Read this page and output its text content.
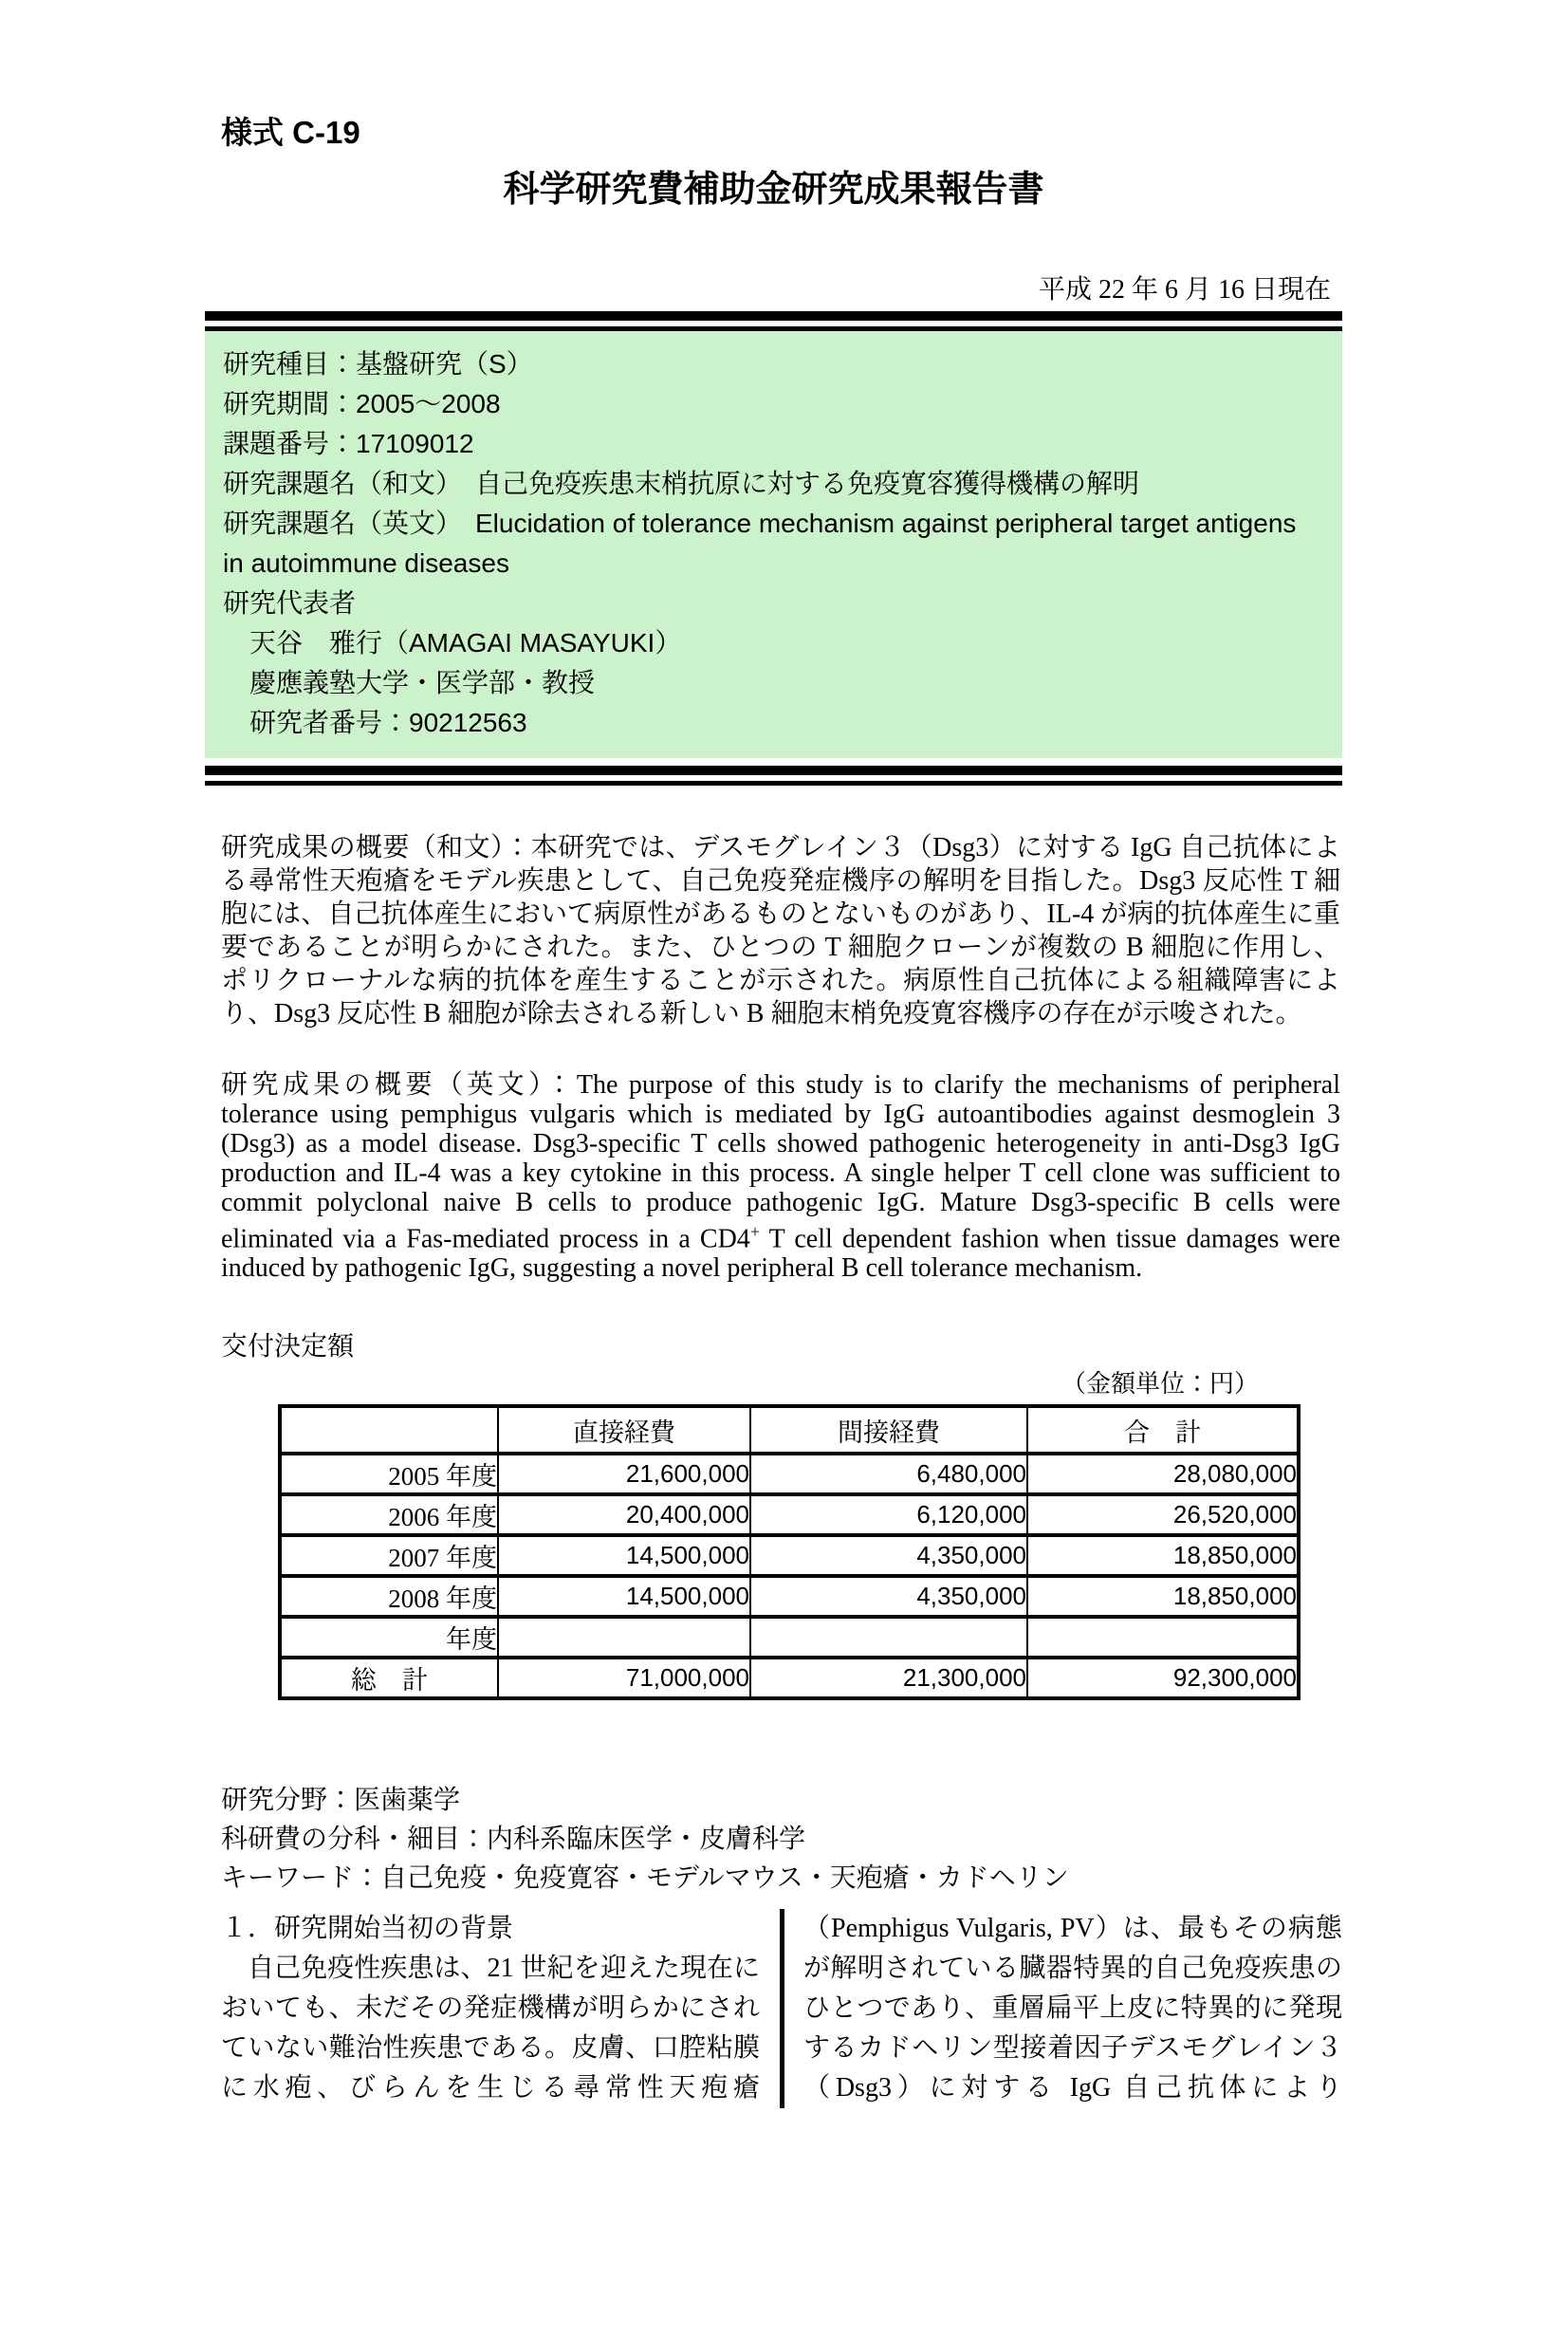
様式 C-19
科学研究費補助金研究成果報告書
平成 22 年 6 月 16 日現在
研究種目：基盤研究（S）
研究期間：2005～2008
課題番号：17109012
研究課題名（和文）　自己免疫疾患末梢抗原に対する免疫寛容獲得機構の解明
研究課題名（英文）　Elucidation of tolerance mechanism against peripheral target antigens in autoimmune diseases
研究代表者
天谷　雅行（AMAGAI MASAYUKI）
慶應義塾大学・医学部・教授
研究者番号：90212563

研究成果の概要（和文）：本研究では、デスモグレイン３（Dsg3）に対する IgG 自己抗体による尋常性天疱瘡をモデル疾患として、自己免疫発症機序の解明を目指した。Dsg3 反応性 T 細胞には、自己抗体産生において病原性があるものとないものがあり、IL-4 が病的抗体産生に重要であることが明らかにされた。また、ひとつの T 細胞クローンが複数の B 細胞に作用し、ポリクローナルな病的抗体を産生することが示された。病原性自己抗体による組織障害により、Dsg3 反応性 B 細胞が除去される新しい B 細胞末梢免疫寛容機序の存在が示唆された。

研究成果の概要（英文）：The purpose of this study is to clarify the mechanisms of peripheral tolerance using pemphigus vulgaris which is mediated by IgG autoantibodies against desmoglein 3 (Dsg3) as a model disease. Dsg3-specific T cells showed pathogenic heterogeneity in anti-Dsg3 IgG production and IL-4 was a key cytokine in this process. A single helper T cell clone was sufficient to commit polyclonal naive B cells to produce pathogenic IgG. Mature Dsg3-specific B cells were eliminated via a Fas-mediated process in a CD4+ T cell dependent fashion when tissue damages were induced by pathogenic IgG, suggesting a novel peripheral B cell tolerance mechanism.

交付決定額
（金額単位：円）
	直接経費	間接経費	合　計
2005 年度	21,600,000	6,480,000	28,080,000
2006 年度	20,400,000	6,120,000	26,520,000
2007 年度	14,500,000	4,350,000	18,850,000
2008 年度	14,500,000	4,350,000	18,850,000
年度			
総　計	71,000,000	21,300,000	92,300,000
研究分野：医歯薬学
科研費の分科・細目：内科系臨床医学・皮膚科学
キーワード：自己免疫・免疫寛容・モデルマウス・天疱瘡・カドヘリン
１．研究開始当初の背景

自己免疫性疾患は、21 世紀を迎えた現在においても、未だその発症機構が明らかにされていない難治性疾患である。皮膚、口腔粘膜に水疱、びらんを生じる尋常性天疱瘡

（Pemphigus Vulgaris, PV）は、最もその病態が解明されている臓器特異的自己免疫疾患のひとつであり、重層扁平上皮に特異的に発現するカドヘリン型接着因子デスモグレイン３（Dsg3）に対する IgG 自己抗体により
